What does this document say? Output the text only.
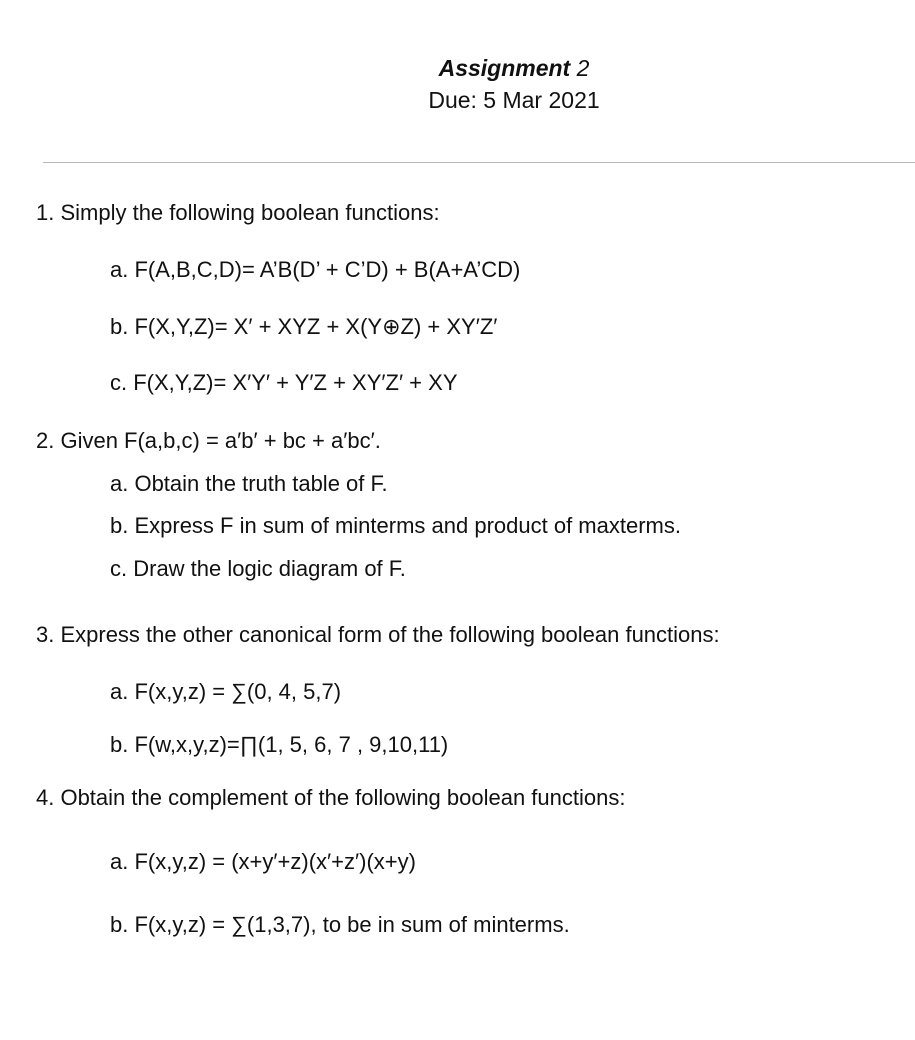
Assignment 2
Due: 5 Mar 2021
1. Simply the following boolean functions:
a. F(A,B,C,D)= A’B(D’ + C’D) + B(A+A’CD)
b. F(X,Y,Z)= X′ + XYZ + X(Y⊕Z) + XY′Z′
c. F(X,Y,Z)= X′Y′ + Y′Z + XY′Z′ + XY
2. Given F(a,b,c) = a′b′ + bc + a′bc′.
a. Obtain the truth table of F.
b. Express F in sum of minterms and product of maxterms.
c. Draw the logic diagram of F.
3. Express the other canonical form of the following boolean functions:
a. F(x,y,z) = ∑(0, 4, 5,7)
b. F(w,x,y,z)=∏(1, 5, 6, 7 , 9,10,11)
4. Obtain the complement of the following boolean functions:
a. F(x,y,z) = (x+y′+z)(x′+z′)(x+y)
b. F(x,y,z) = ∑(1,3,7), to be in sum of minterms.
